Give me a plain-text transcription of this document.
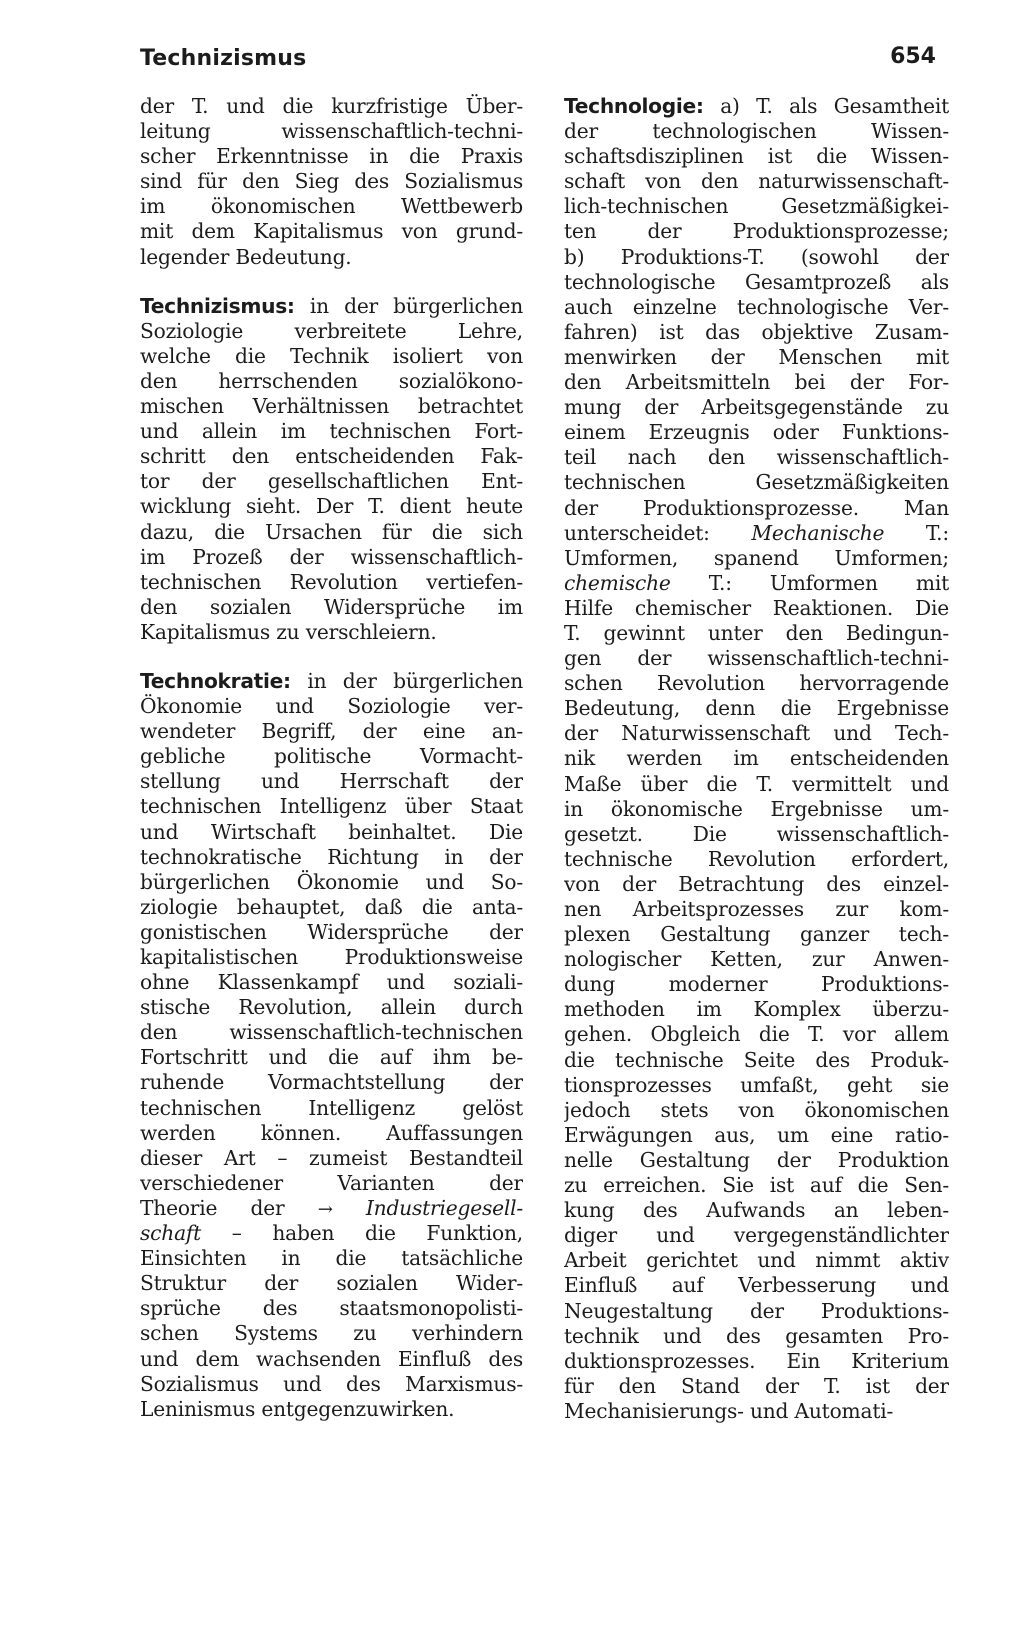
Technizismus	654
der T. und die kurzfristige Über-
leitung wissenschaftlich-techni-
scher Erkenntnisse in die Praxis
sind für den Sieg des Sozialismus
im ökonomischen Wettbewerb
mit dem Kapitalismus von grund-
legender Bedeutung.
Technizismus: in der bürgerlichen
Soziologie verbreitete Lehre,
welche die Technik isoliert von
den herrschenden sozialökono-
mischen Verhältnissen betrachtet
und allein im technischen Fort-
schritt den entscheidenden Fak-
tor der gesellschaftlichen Ent-
wicklung sieht. Der T. dient heute
dazu, die Ursachen für die sich
im Prozeß der wissenschaftlich-
technischen Revolution vertiefen-
den sozialen Widersprüche im
Kapitalismus zu verschleiern.
Technokratie: in der bürgerlichen
Ökonomie und Soziologie ver-
wendeter Begriff, der eine an-
gebliche politische Vormacht-
stellung und Herrschaft der
technischen Intelligenz über Staat
und Wirtschaft beinhaltet. Die
technokratische Richtung in der
bürgerlichen Ökonomie und So-
ziologie behauptet, daß die anta-
gonistischen Widersprüche der
kapitalistischen Produktionsweise
ohne Klassenkampf und soziali-
stische Revolution, allein durch
den wissenschaftlich-technischen
Fortschritt und die auf ihm be-
ruhende Vormachtstellung der
technischen Intelligenz gelöst
werden können. Auffassungen
dieser Art – zumeist Bestandteil
verschiedener Varianten der
Theorie der → Industriegesell-
schaft – haben die Funktion,
Einsichten in die tatsächliche
Struktur der sozialen Wider-
sprüche des staatsmonopolisti-
schen Systems zu verhindern
und dem wachsenden Einfluß des
Sozialismus und des Marxismus-
Leninismus entgegenzuwirken.
Technologie: a) T. als Gesamtheit
der technologischen Wissen-
schaftsdisziplinen ist die Wissen-
schaft von den naturwissenschaft-
lich-technischen Gesetzmäßigkei-
ten der Produktionsprozesse;
b) Produktions-T. (sowohl der
technologische Gesamtprozeß als
auch einzelne technologische Ver-
fahren) ist das objektive Zusam-
menwirken der Menschen mit
den Arbeitsmitteln bei der For-
mung der Arbeitsgegenstände zu
einem Erzeugnis oder Funktions-
teil nach den wissenschaftlich-
technischen Gesetzmäßigkeiten
der Produktionsprozesse. Man
unterscheidet: Mechanische T.:
Umformen, spanend Umformen;
chemische T.: Umformen mit
Hilfe chemischer Reaktionen. Die
T. gewinnt unter den Bedingun-
gen der wissenschaftlich-techni-
schen Revolution hervorragende
Bedeutung, denn die Ergebnisse
der Naturwissenschaft und Tech-
nik werden im entscheidenden
Maße über die T. vermittelt und
in ökonomische Ergebnisse um-
gesetzt. Die wissenschaftlich-
technische Revolution erfordert,
von der Betrachtung des einzel-
nen Arbeitsprozesses zur kom-
plexen Gestaltung ganzer tech-
nologischer Ketten, zur Anwen-
dung moderner Produktions-
methoden im Komplex überzu-
gehen. Obgleich die T. vor allem
die technische Seite des Produk-
tionsprozesses umfaßt, geht sie
jedoch stets von ökonomischen
Erwägungen aus, um eine ratio-
nelle Gestaltung der Produktion
zu erreichen. Sie ist auf die Sen-
kung des Aufwands an leben-
diger und vergegenständlichter
Arbeit gerichtet und nimmt aktiv
Einfluß auf Verbesserung und
Neugestaltung der Produktions-
technik und des gesamten Pro-
duktionsprozesses. Ein Kriterium
für den Stand der T. ist der
Mechanisierungs- und Automati-
